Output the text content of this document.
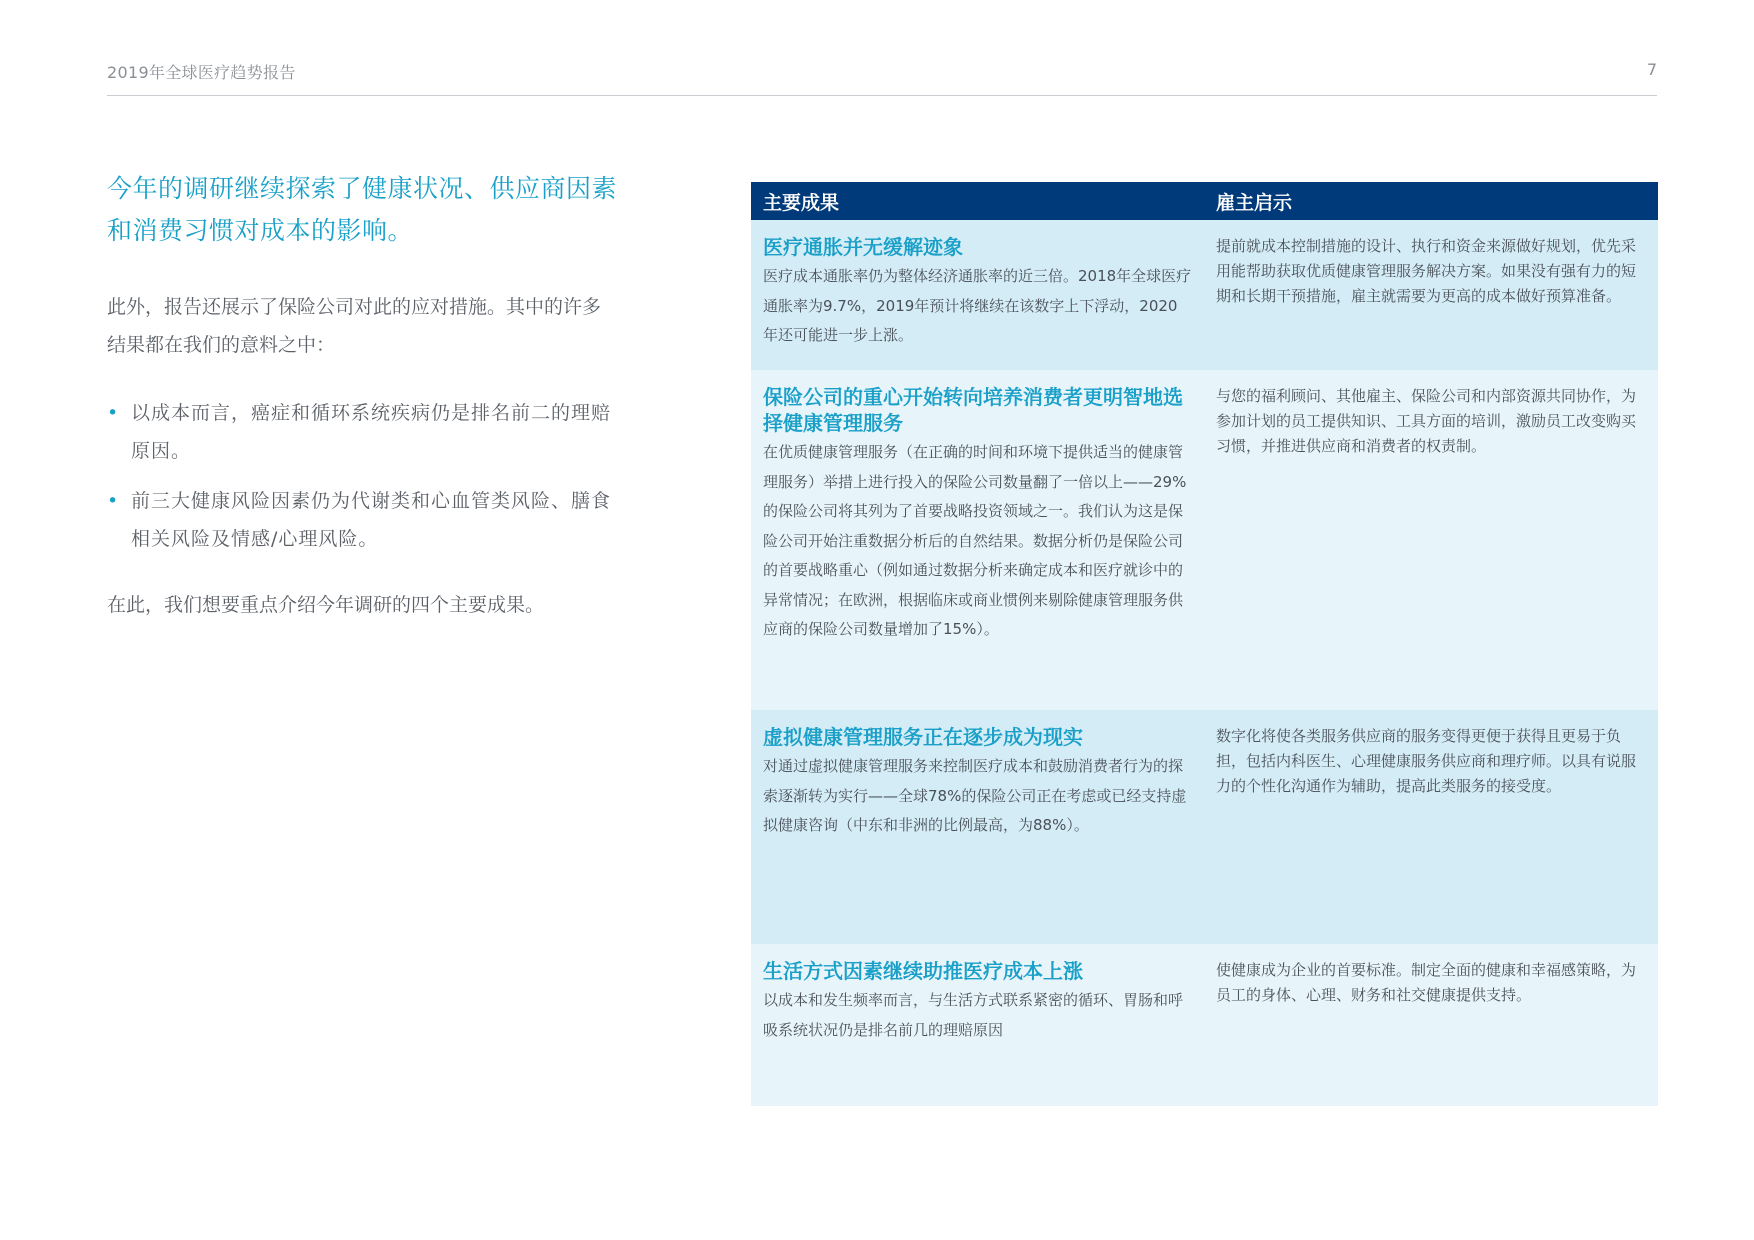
2019年全球医疗趋势报告	7

今年的调研继续探索了健康状况、供应商因素和消费习惯对成本的影响。

此外，报告还展示了保险公司对此的应对措施。其中的许多结果都在我们的意料之中：

• 以成本而言，癌症和循环系统疾病仍是排名前二的理赔原因。
• 前三大健康风险因素仍为代谢类和心血管类风险、膳食相关风险及情感/心理风险。

在此，我们想要重点介绍今年调研的四个主要成果。

主要成果	雇主启示

医疗通胀并无缓解迹象

医疗成本通胀率仍为整体经济通胀率的近三倍。2018年全球医疗通胀率为9.7%，2019年预计将继续在该数字上下浮动，2020年还可能进一步上涨。

提前就成本控制措施的设计、执行和资金来源做好规划，优先采用能帮助获取优质健康管理服务解决方案。如果没有强有力的短期和长期干预措施，雇主就需要为更高的成本做好预算准备。

保险公司的重心开始转向培养消费者更明智地选择健康管理服务

在优质健康管理服务（在正确的时间和环境下提供适当的健康管理服务）举措上进行投入的保险公司数量翻了一倍以上——29%的保险公司将其列为了首要战略投资领域之一。我们认为这是保险公司开始注重数据分析后的自然结果。数据分析仍是保险公司的首要战略重心（例如通过数据分析来确定成本和医疗就诊中的异常情况；在欧洲，根据临床或商业惯例来剔除健康管理服务供应商的保险公司数量增加了15%）。

与您的福利顾问、其他雇主、保险公司和内部资源共同协作，为参加计划的员工提供知识、工具方面的培训，激励员工改变购买习惯，并推进供应商和消费者的权责制。

虚拟健康管理服务正在逐步成为现实

对通过虚拟健康管理服务来控制医疗成本和鼓励消费者行为的探索逐渐转为实行——全球78%的保险公司正在考虑或已经支持虚拟健康咨询（中东和非洲的比例最高，为88%）。

数字化将使各类服务供应商的服务变得更便于获得且更易于负担，包括内科医生、心理健康服务供应商和理疗师。以具有说服力的个性化沟通作为辅助，提高此类服务的接受度。

生活方式因素继续助推医疗成本上涨

以成本和发生频率而言，与生活方式联系紧密的循环、胃肠和呼吸系统状况仍是排名前几的理赔原因

使健康成为企业的首要标准。制定全面的健康和幸福感策略，为员工的身体、心理、财务和社交健康提供支持。
